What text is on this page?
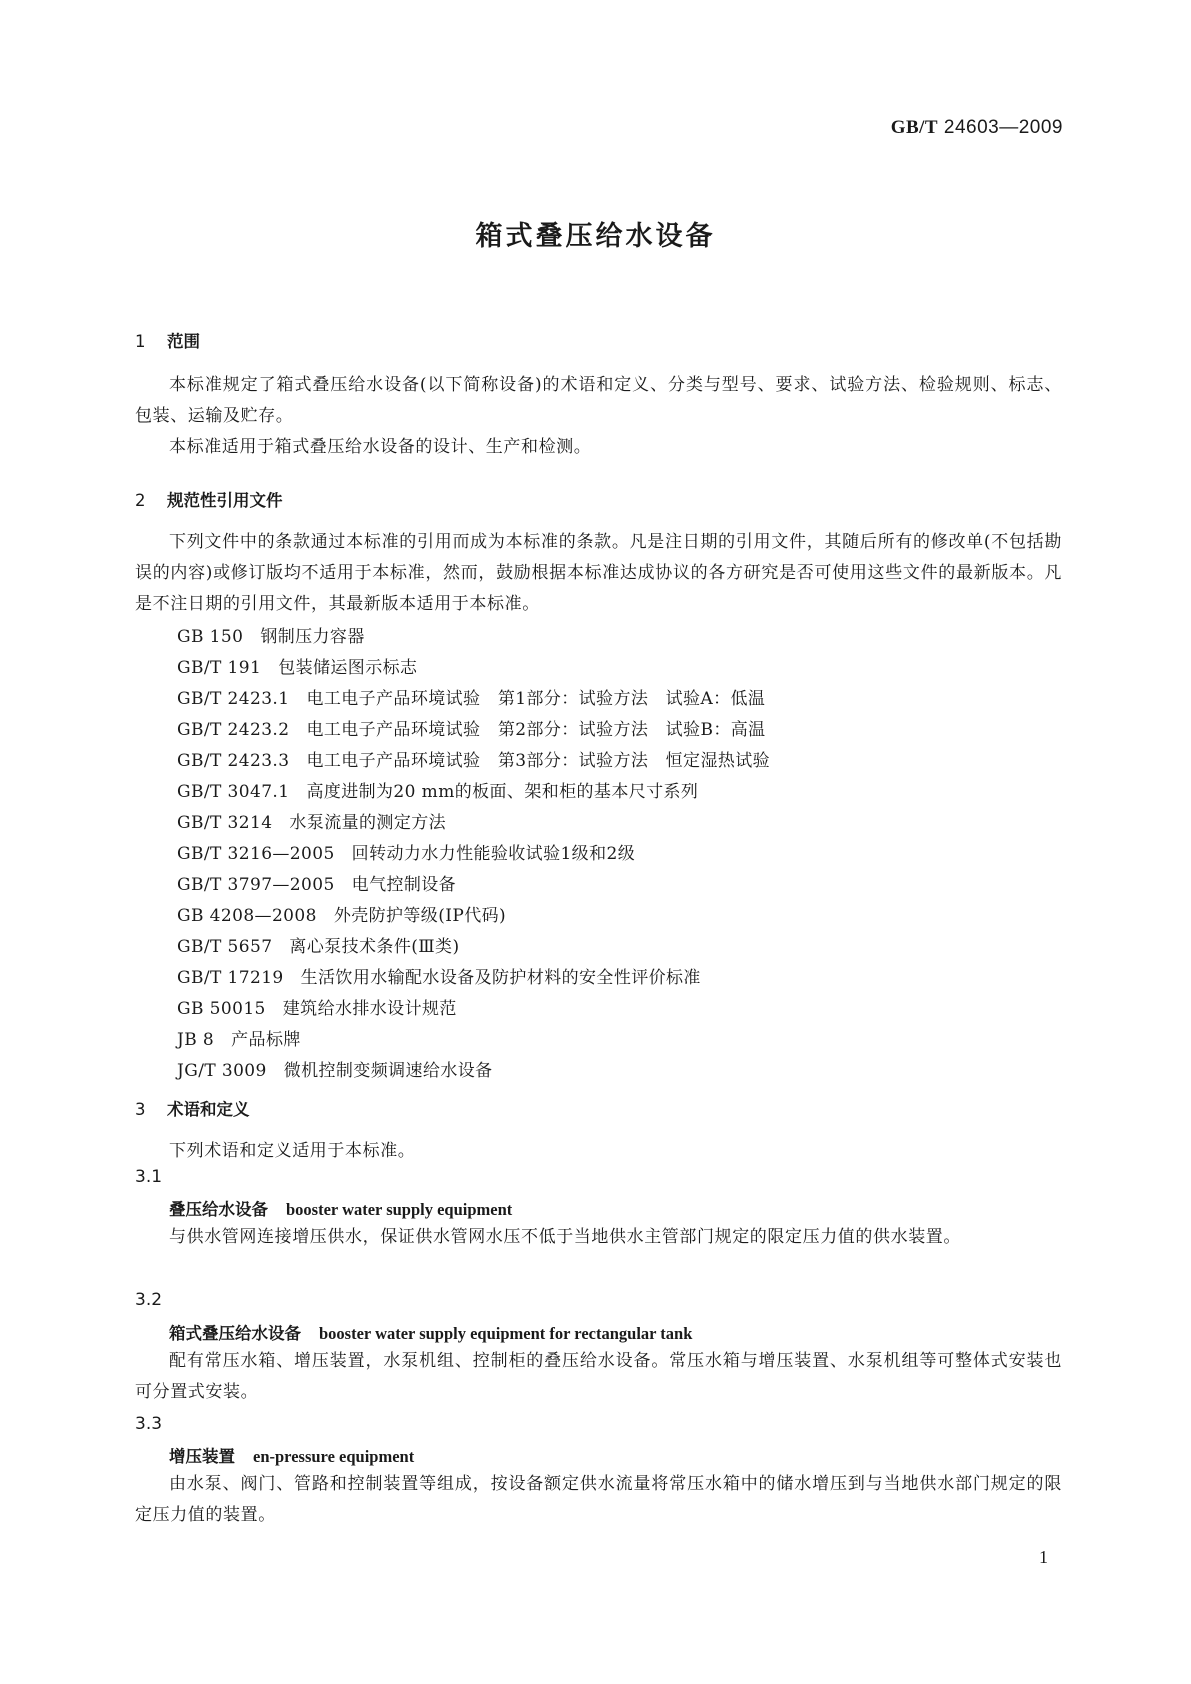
GB/T 24603—2009
箱式叠压给水设备
1 范围
本标准规定了箱式叠压给水设备(以下简称设备)的术语和定义、分类与型号、要求、试验方法、检验规则、标志、包装、运输及贮存。
本标准适用于箱式叠压给水设备的设计、生产和检测。
2 规范性引用文件
下列文件中的条款通过本标准的引用而成为本标准的条款。凡是注日期的引用文件，其随后所有的修改单(不包括勘误的内容)或修订版均不适用于本标准，然而，鼓励根据本标准达成协议的各方研究是否可使用这些文件的最新版本。凡是不注日期的引用文件，其最新版本适用于本标准。
GB 150 钢制压力容器
GB/T 191 包装储运图示标志
GB/T 2423.1 电工电子产品环境试验　第1部分：试验方法　试验A：低温
GB/T 2423.2 电工电子产品环境试验　第2部分：试验方法　试验B：高温
GB/T 2423.3 电工电子产品环境试验　第3部分：试验方法　恒定湿热试验
GB/T 3047.1 高度进制为20 mm的板面、架和柜的基本尺寸系列
GB/T 3214 水泵流量的测定方法
GB/T 3216—2005 回转动力水力性能验收试验1级和2级
GB/T 3797—2005 电气控制设备
GB 4208—2008 外壳防护等级(IP代码)
GB/T 5657 离心泵技术条件(Ⅲ类)
GB/T 17219 生活饮用水输配水设备及防护材料的安全性评价标准
GB 50015 建筑给水排水设计规范
JB 8 产品标牌
JG/T 3009 微机控制变频调速给水设备
3 术语和定义
下列术语和定义适用于本标准。
3.1
叠压给水设备 booster water supply equipment
与供水管网连接增压供水，保证供水管网水压不低于当地供水主管部门规定的限定压力值的供水装置。
3.2
箱式叠压给水设备 booster water supply equipment for rectangular tank
配有常压水箱、增压装置，水泵机组、控制柜的叠压给水设备。常压水箱与增压装置、水泵机组等可整体式安装也可分置式安装。
3.3
增压装置 en-pressure equipment
由水泵、阀门、管路和控制装置等组成，按设备额定供水流量将常压水箱中的储水增压到与当地供水部门规定的限定压力值的装置。
1
